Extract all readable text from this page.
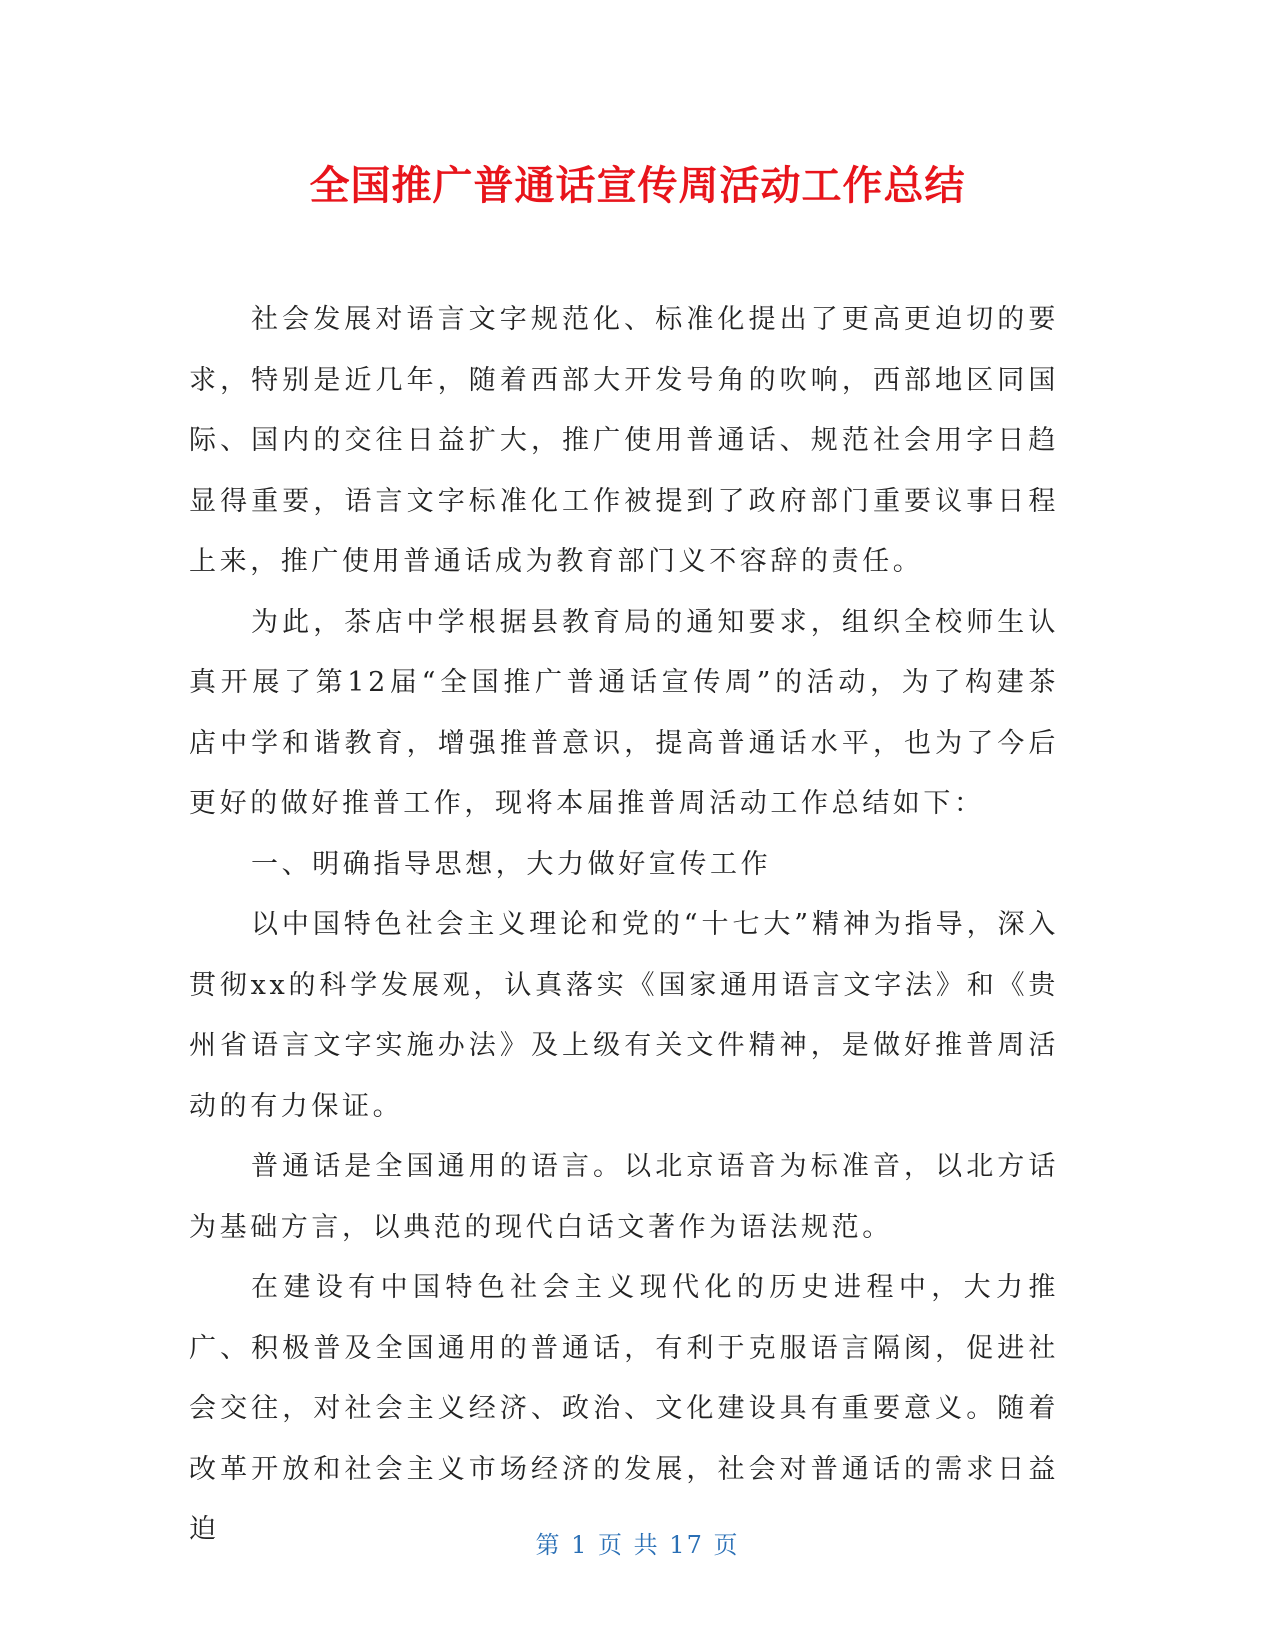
全国推广普通话宣传周活动工作总结

社会发展对语言文字规范化、标准化提出了更高更迫切的要求，特别是近几年，随着西部大开发号角的吹响，西部地区同国际、国内的交往日益扩大，推广使用普通话、规范社会用字日趋显得重要，语言文字标准化工作被提到了政府部门重要议事日程上来，推广使用普通话成为教育部门义不容辞的责任。

为此，茶店中学根据县教育局的通知要求，组织全校师生认真开展了第12届“全国推广普通话宣传周”的活动，为了构建茶店中学和谐教育，增强推普意识，提高普通话水平，也为了今后更好的做好推普工作，现将本届推普周活动工作总结如下：

一、明确指导思想，大力做好宣传工作

以中国特色社会主义理论和党的“十七大”精神为指导，深入贯彻xx的科学发展观，认真落实《国家通用语言文字法》和《贵州省语言文字实施办法》及上级有关文件精神，是做好推普周活动的有力保证。

普通话是全国通用的语言。以北京语音为标准音，以北方话为基础方言，以典范的现代白话文著作为语法规范。

在建设有中国特色社会主义现代化的历史进程中，大力推广、积极普及全国通用的普通话，有利于克服语言隔阂，促进社会交往，对社会主义经济、政治、文化建设具有重要意义。随着改革开放和社会主义市场经济的发展，社会对普通话的需求日益迫	第 1 页 共 17 页
